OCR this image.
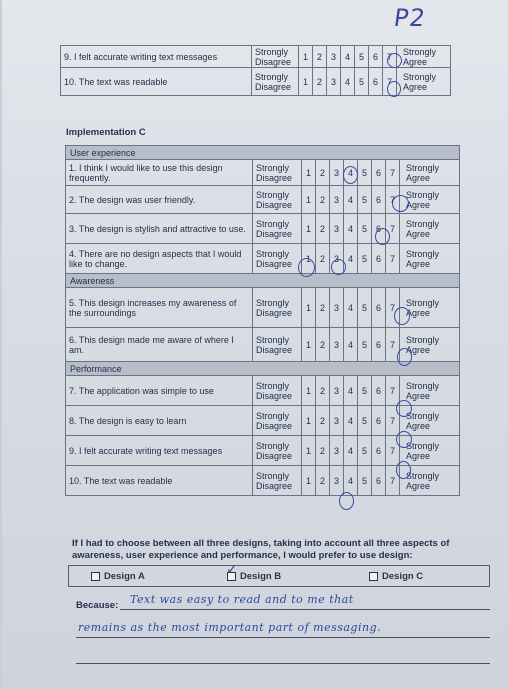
P2
9. I felt accurate writing text messages	Strongly Disagree	1	2	3	4	5	6	7	Strongly Agree
10. The text was readable	Strongly Disagree	1	2	3	4	5	6	7	Strongly Agree
Implementation C
User experience									
1. I think I would like to use this design frequently.	Strongly Disagree	1	2	3	4	5	6	7	Strongly Agree
2. The design was user friendly.	Strongly Disagree	1	2	3	4	5	6	7	Strongly Agree
3. The design is stylish and attractive to use.	Strongly Disagree	1	2	3	4	5	6	7	Strongly Agree
4. There are no design aspects that I would like to change.	Strongly Disagree	1	2	3	4	5	6	7	Strongly Agree
Awareness									
5. This design increases my awareness of the surroundings	Strongly Disagree	1	2	3	4	5	6	7	Strongly Agree
6. This design made me aware of where I am.	Strongly Disagree	1	2	3	4	5	6	7	Strongly Agree
Performance									
7. The application was simple to use	Strongly Disagree	1	2	3	4	5	6	7	Strongly Agree
8. The design is easy to learn	Strongly Disagree	1	2	3	4	5	6	7	Strongly Agree
9. I felt accurate writing text messages	Strongly Disagree	1	2	3	4	5	6	7	Strongly Agree
10. The text was readable	Strongly Disagree	1	2	3	4	5	6	7	Strongly Agree
If I had to choose between all three designs, taking into account all three aspects of awareness, user experience and performance, I would prefer to use design:
Design A	Design B	Design C
✓
Because: Text was easy to read and to me that
remains as the most important part of messaging.
